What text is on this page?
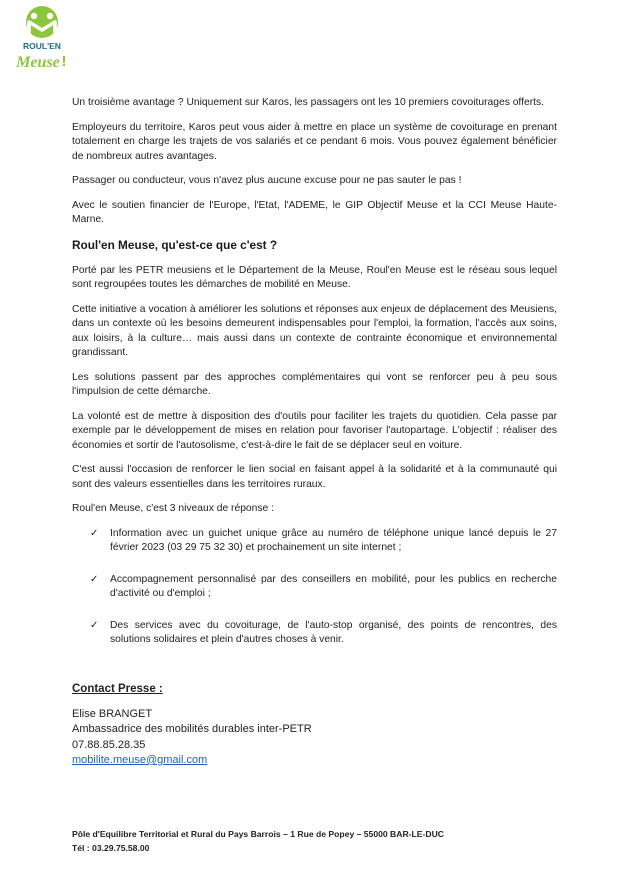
ROUL'EN
Meuse !

Un troisième avantage ? Uniquement sur Karos, les passagers ont les 10 premiers covoiturages offerts.

Employeurs du territoire, Karos peut vous aider à mettre en place un système de covoiturage en prenant totalement en charge les trajets de vos salariés et ce pendant 6 mois. Vous pouvez également bénéficier de nombreux autres avantages.

Passager ou conducteur, vous n'avez plus aucune excuse pour ne pas sauter le pas !

Avec le soutien financier de l'Europe, l'Etat, l'ADEME, le GIP Objectif Meuse et la CCI Meuse Haute-Marne.

Roul'en Meuse, qu'est-ce que c'est ?

Porté par les PETR meusiens et le Département de la Meuse, Roul'en Meuse est le réseau sous lequel sont regroupées toutes les démarches de mobilité en Meuse.

Cette initiative a vocation à améliorer les solutions et réponses aux enjeux de déplacement des Meusiens, dans un contexte où les besoins demeurent indispensables pour l'emploi, la formation, l'accès aux soins, aux loisirs, à la culture… mais aussi dans un contexte de contrainte économique et environnemental grandissant.

Les solutions passent par des approches complémentaires qui vont se renforcer peu à peu sous l'impulsion de cette démarche.

La volonté est de mettre à disposition des d'outils pour faciliter les trajets du quotidien. Cela passe par exemple par le développement de mises en relation pour favoriser l'autopartage. L'objectif : réaliser des économies et sortir de l'autosolisme, c'est-à-dire le fait de se déplacer seul en voiture.

C'est aussi l'occasion de renforcer le lien social en faisant appel à la solidarité et à la communauté qui sont des valeurs essentielles dans les territoires ruraux.

Roul'en Meuse, c'est 3 niveaux de réponse :

✓ Information avec un guichet unique grâce au numéro de téléphone unique lancé depuis le 27 février 2023 (03 29 75 32 30) et prochainement un site internet ;
✓ Accompagnement personnalisé par des conseillers en mobilité, pour les publics en recherche d'activité ou d'emploi ;
✓ Des services avec du covoiturage, de l'auto-stop organisé, des points de rencontres, des solutions solidaires et plein d'autres choses à venir.
Contact Presse :

Elise BRANGET

Ambassadrice des mobilités durables inter-PETR

07.88.85.28.35

mobilite.meuse@gmail.com

Pôle d'Equilibre Territorial et Rural du Pays Barrois – 1 Rue de Popey – 55000 BAR-LE-DUC
Tél : 03.29.75.58.00
